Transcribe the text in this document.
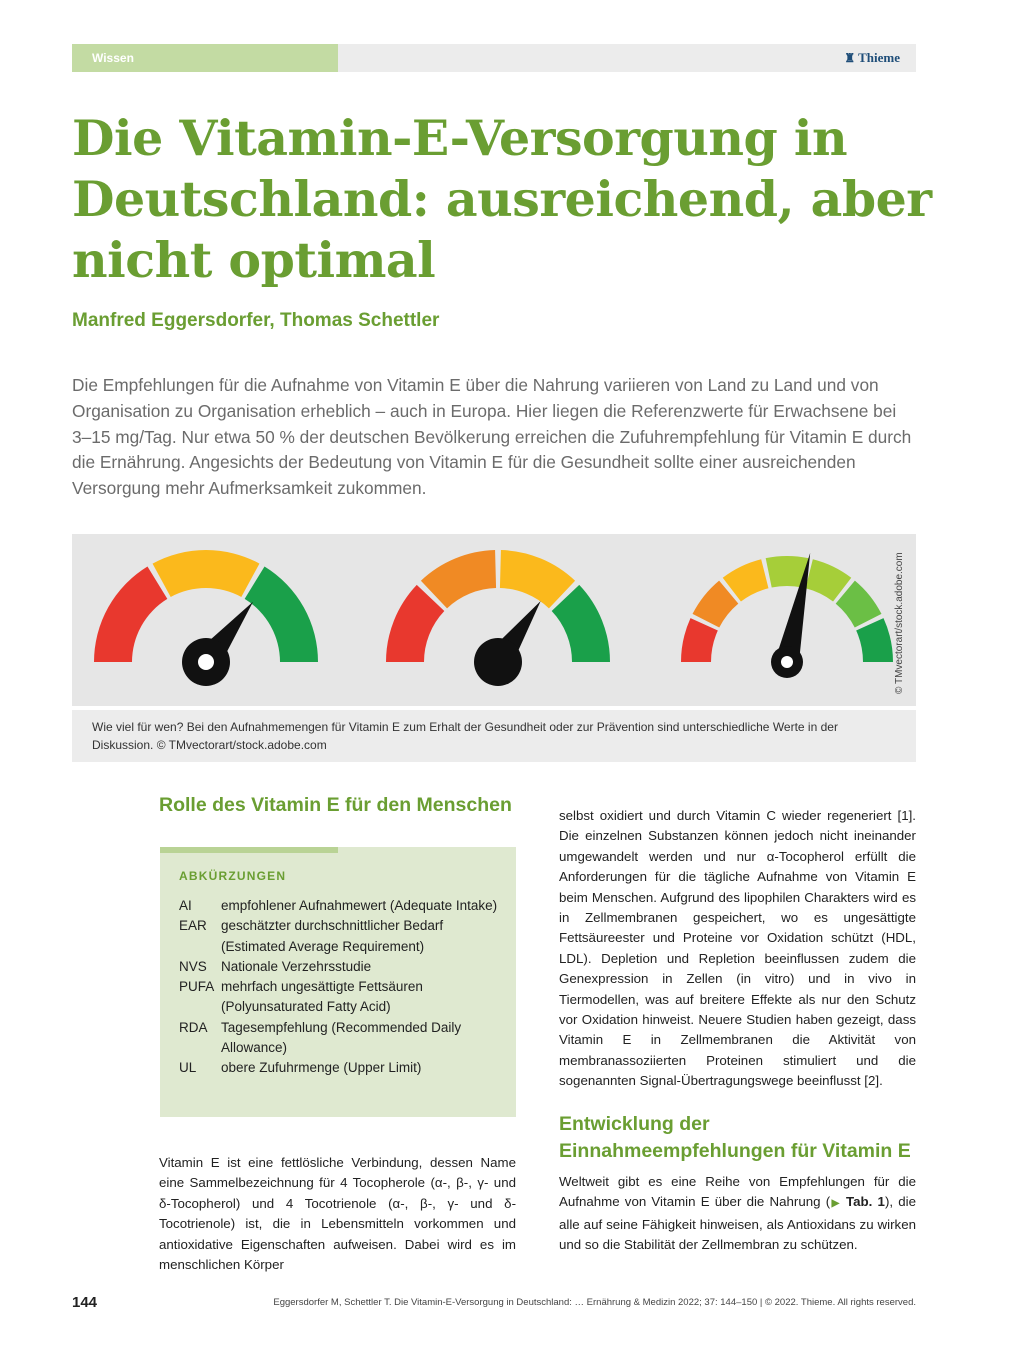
Wissen	♜ Thieme
Die Vitamin-E-Versorgung in Deutschland: ausreichend, aber nicht optimal
Manfred Eggersdorfer, Thomas Schettler

Die Empfehlungen für die Aufnahme von Vitamin E über die Nahrung variieren von Land zu Land und von Organisation zu Organisation erheblich – auch in Europa. Hier liegen die Referenzwerte für Erwachsene bei 3–15 mg/Tag. Nur etwa 50 % der deutschen Bevölkerung erreichen die Zufuhrempfehlung für Vitamin E durch die Ernährung. Angesichts der Bedeutung von Vitamin E für die Gesundheit sollte einer ausreichenden Versorgung mehr Aufmerksamkeit zukommen.

© TMvectorart/stock.adobe.com
Wie viel für wen? Bei den Aufnahmemengen für Vitamin E zum Erhalt der Gesundheit oder zur Prävention sind unterschiedliche Werte in der Diskussion. © TMvectorart/stock.adobe.com
Rolle des Vitamin E für den Menschen
ABKÜRZUNGEN
AI	empfohlener Aufnahmewert (Adequate Intake)
EAR	geschätzter durchschnittlicher Bedarf (Estimated Average Requirement)
NVS	Nationale Verzehrsstudie
PUFA mehrfach ungesättigte Fettsäuren (Polyunsaturated Fatty Acid)
RDA Tagesempfehlung (Recommended Daily Allowance)
UL	obere Zufuhrmenge (Upper Limit)

Vitamin E ist eine fettlösliche Verbindung, dessen Name eine Sammelbezeichnung für 4 Tocopherole (α-, β-, γ- und δ-Tocopherol) und 4 Tocotrienole (α-, β-, γ- und δ-Tocotrienole) ist, die in Lebensmitteln vorkommen und antioxidative Eigenschaften aufweisen. Dabei wird es im menschlichen Körper

selbst oxidiert und durch Vitamin C wieder regeneriert [1]. Die einzelnen Substanzen können jedoch nicht ineinander umgewandelt werden und nur α-Tocopherol erfüllt die Anforderungen für die tägliche Aufnahme von Vitamin E beim Menschen. Aufgrund des lipophilen Charakters wird es in Zellmembranen gespeichert, wo es ungesättigte Fettsäureester und Proteine vor Oxidation schützt (HDL, LDL). Depletion und Repletion beeinflussen zudem die Genexpression in Zellen (in vitro) und in vivo in Tiermodellen, was auf breitere Effekte als nur den Schutz vor Oxidation hinweist. Neuere Studien haben gezeigt, dass Vitamin E in Zellmembranen die Aktivität von membranassoziierten Proteinen stimuliert und die sogenannten Signal-Übertragungswege beeinflusst [2].

Entwicklung der Einnahmeempfehlungen für Vitamin E

Weltweit gibt es eine Reihe von Empfehlungen für die Aufnahme von Vitamin E über die Nahrung (▶ Tab. 1), die alle auf seine Fähigkeit hinweisen, als Antioxidans zu wirken und so die Stabilität der Zellmembran zu schützen.

144	Eggersdorfer M, Schettler T. Die Vitamin-E-Versorgung in Deutschland: … Ernährung & Medizin 2022; 37: 144–150 | © 2022. Thieme. All rights reserved.
